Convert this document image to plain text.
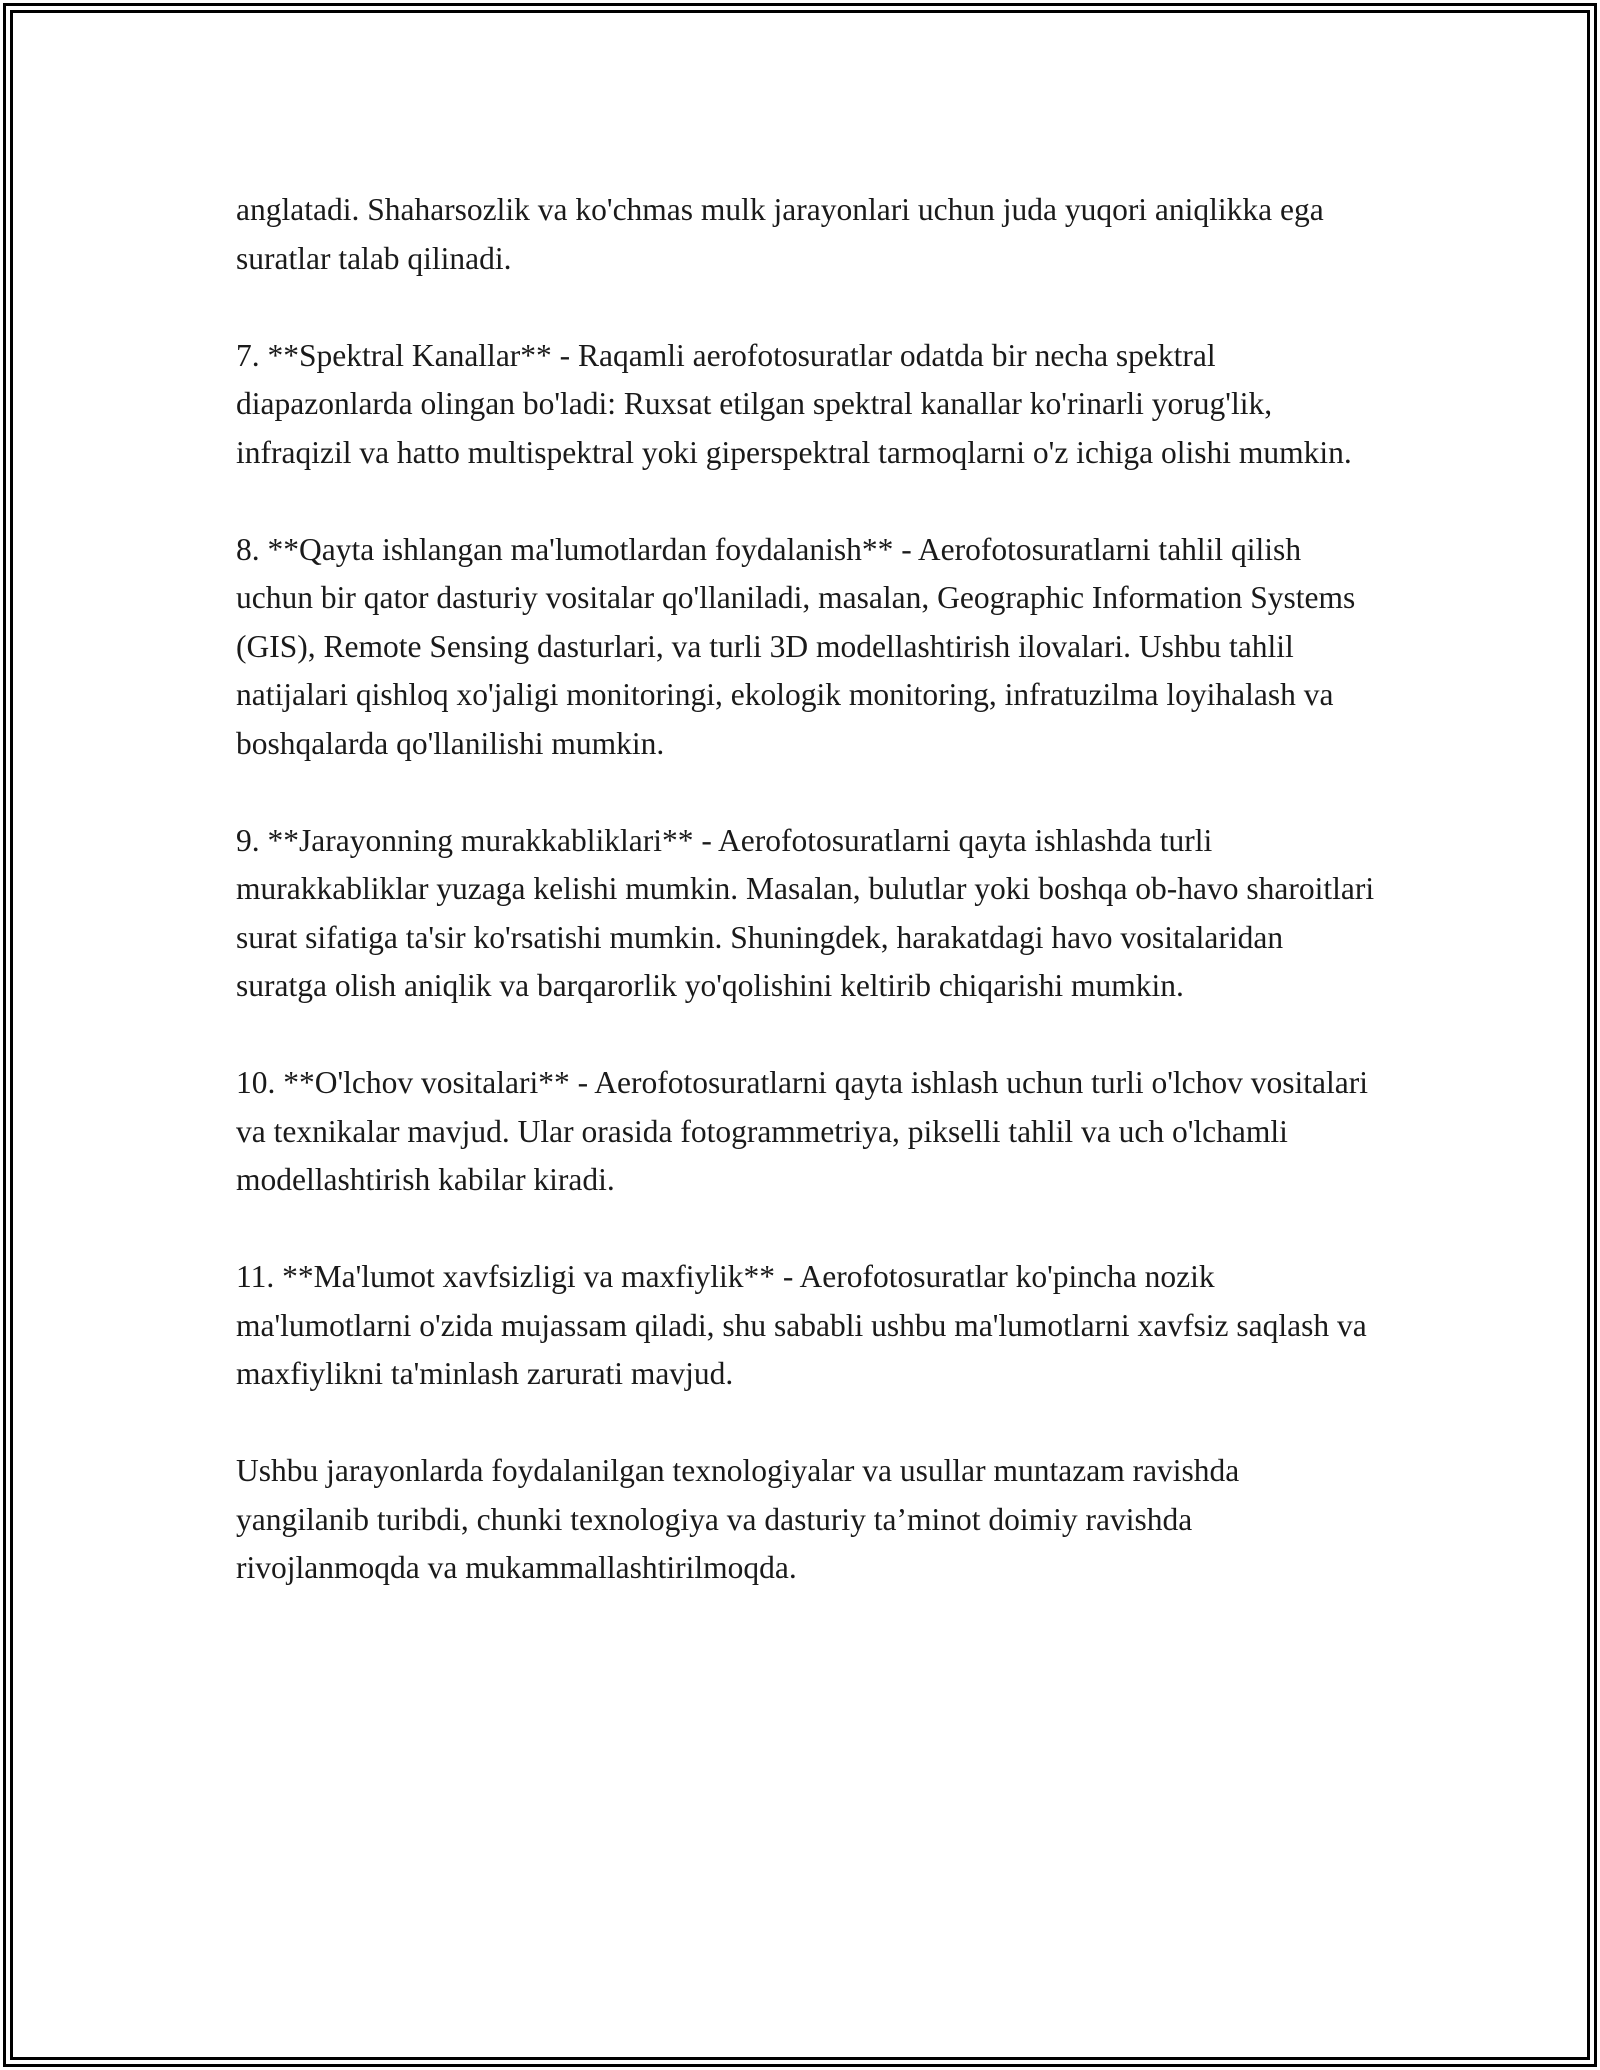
anglatadi. Shaharsozlik va ko'chmas mulk jarayonlari uchun juda yuqori aniqlikka ega suratlar talab qilinadi.

7. **Spektral Kanallar** - Raqamli aerofotosuratlar odatda bir necha spektral diapazonlarda olingan bo'ladi: Ruxsat etilgan spektral kanallar ko'rinarli yorug'lik, infraqizil va hatto multispektral yoki giperspektral tarmoqlarni o'z ichiga olishi mumkin.

8. **Qayta ishlangan ma'lumotlardan foydalanish** - Aerofotosuratlarni tahlil qilish uchun bir qator dasturiy vositalar qo'llaniladi, masalan, Geographic Information Systems (GIS), Remote Sensing dasturlari, va turli 3D modellashtirish ilovalari. Ushbu tahlil natijalari qishloq xo'jaligi monitoringi, ekologik monitoring, infratuzilma loyihalash va boshqalarda qo'llanilishi mumkin.

9. **Jarayonning murakkabliklari** - Aerofotosuratlarni qayta ishlashda turli murakkabliklar yuzaga kelishi mumkin. Masalan, bulutlar yoki boshqa ob-havo sharoitlari surat sifatiga ta'sir ko'rsatishi mumkin. Shuningdek, harakatdagi havo vositalaridan suratga olish aniqlik va barqarorlik yo'qolishini keltirib chiqarishi mumkin.

10. **O'lchov vositalari** - Aerofotosuratlarni qayta ishlash uchun turli o'lchov vositalari va texnikalar mavjud. Ular orasida fotogrammetriya, pikselli tahlil va uch o'lchamli modellashtirish kabilar kiradi.

11. **Ma'lumot xavfsizligi va maxfiylik** - Aerofotosuratlar ko'pincha nozik ma'lumotlarni o'zida mujassam qiladi, shu sababli ushbu ma'lumotlarni xavfsiz saqlash va maxfiylikni ta'minlash zarurati mavjud.

Ushbu jarayonlarda foydalanilgan texnologiyalar va usullar muntazam ravishda yangilanib turibdi, chunki texnologiya va dasturiy ta’minot doimiy ravishda rivojlanmoqda va mukammallashtirilmoqda.
